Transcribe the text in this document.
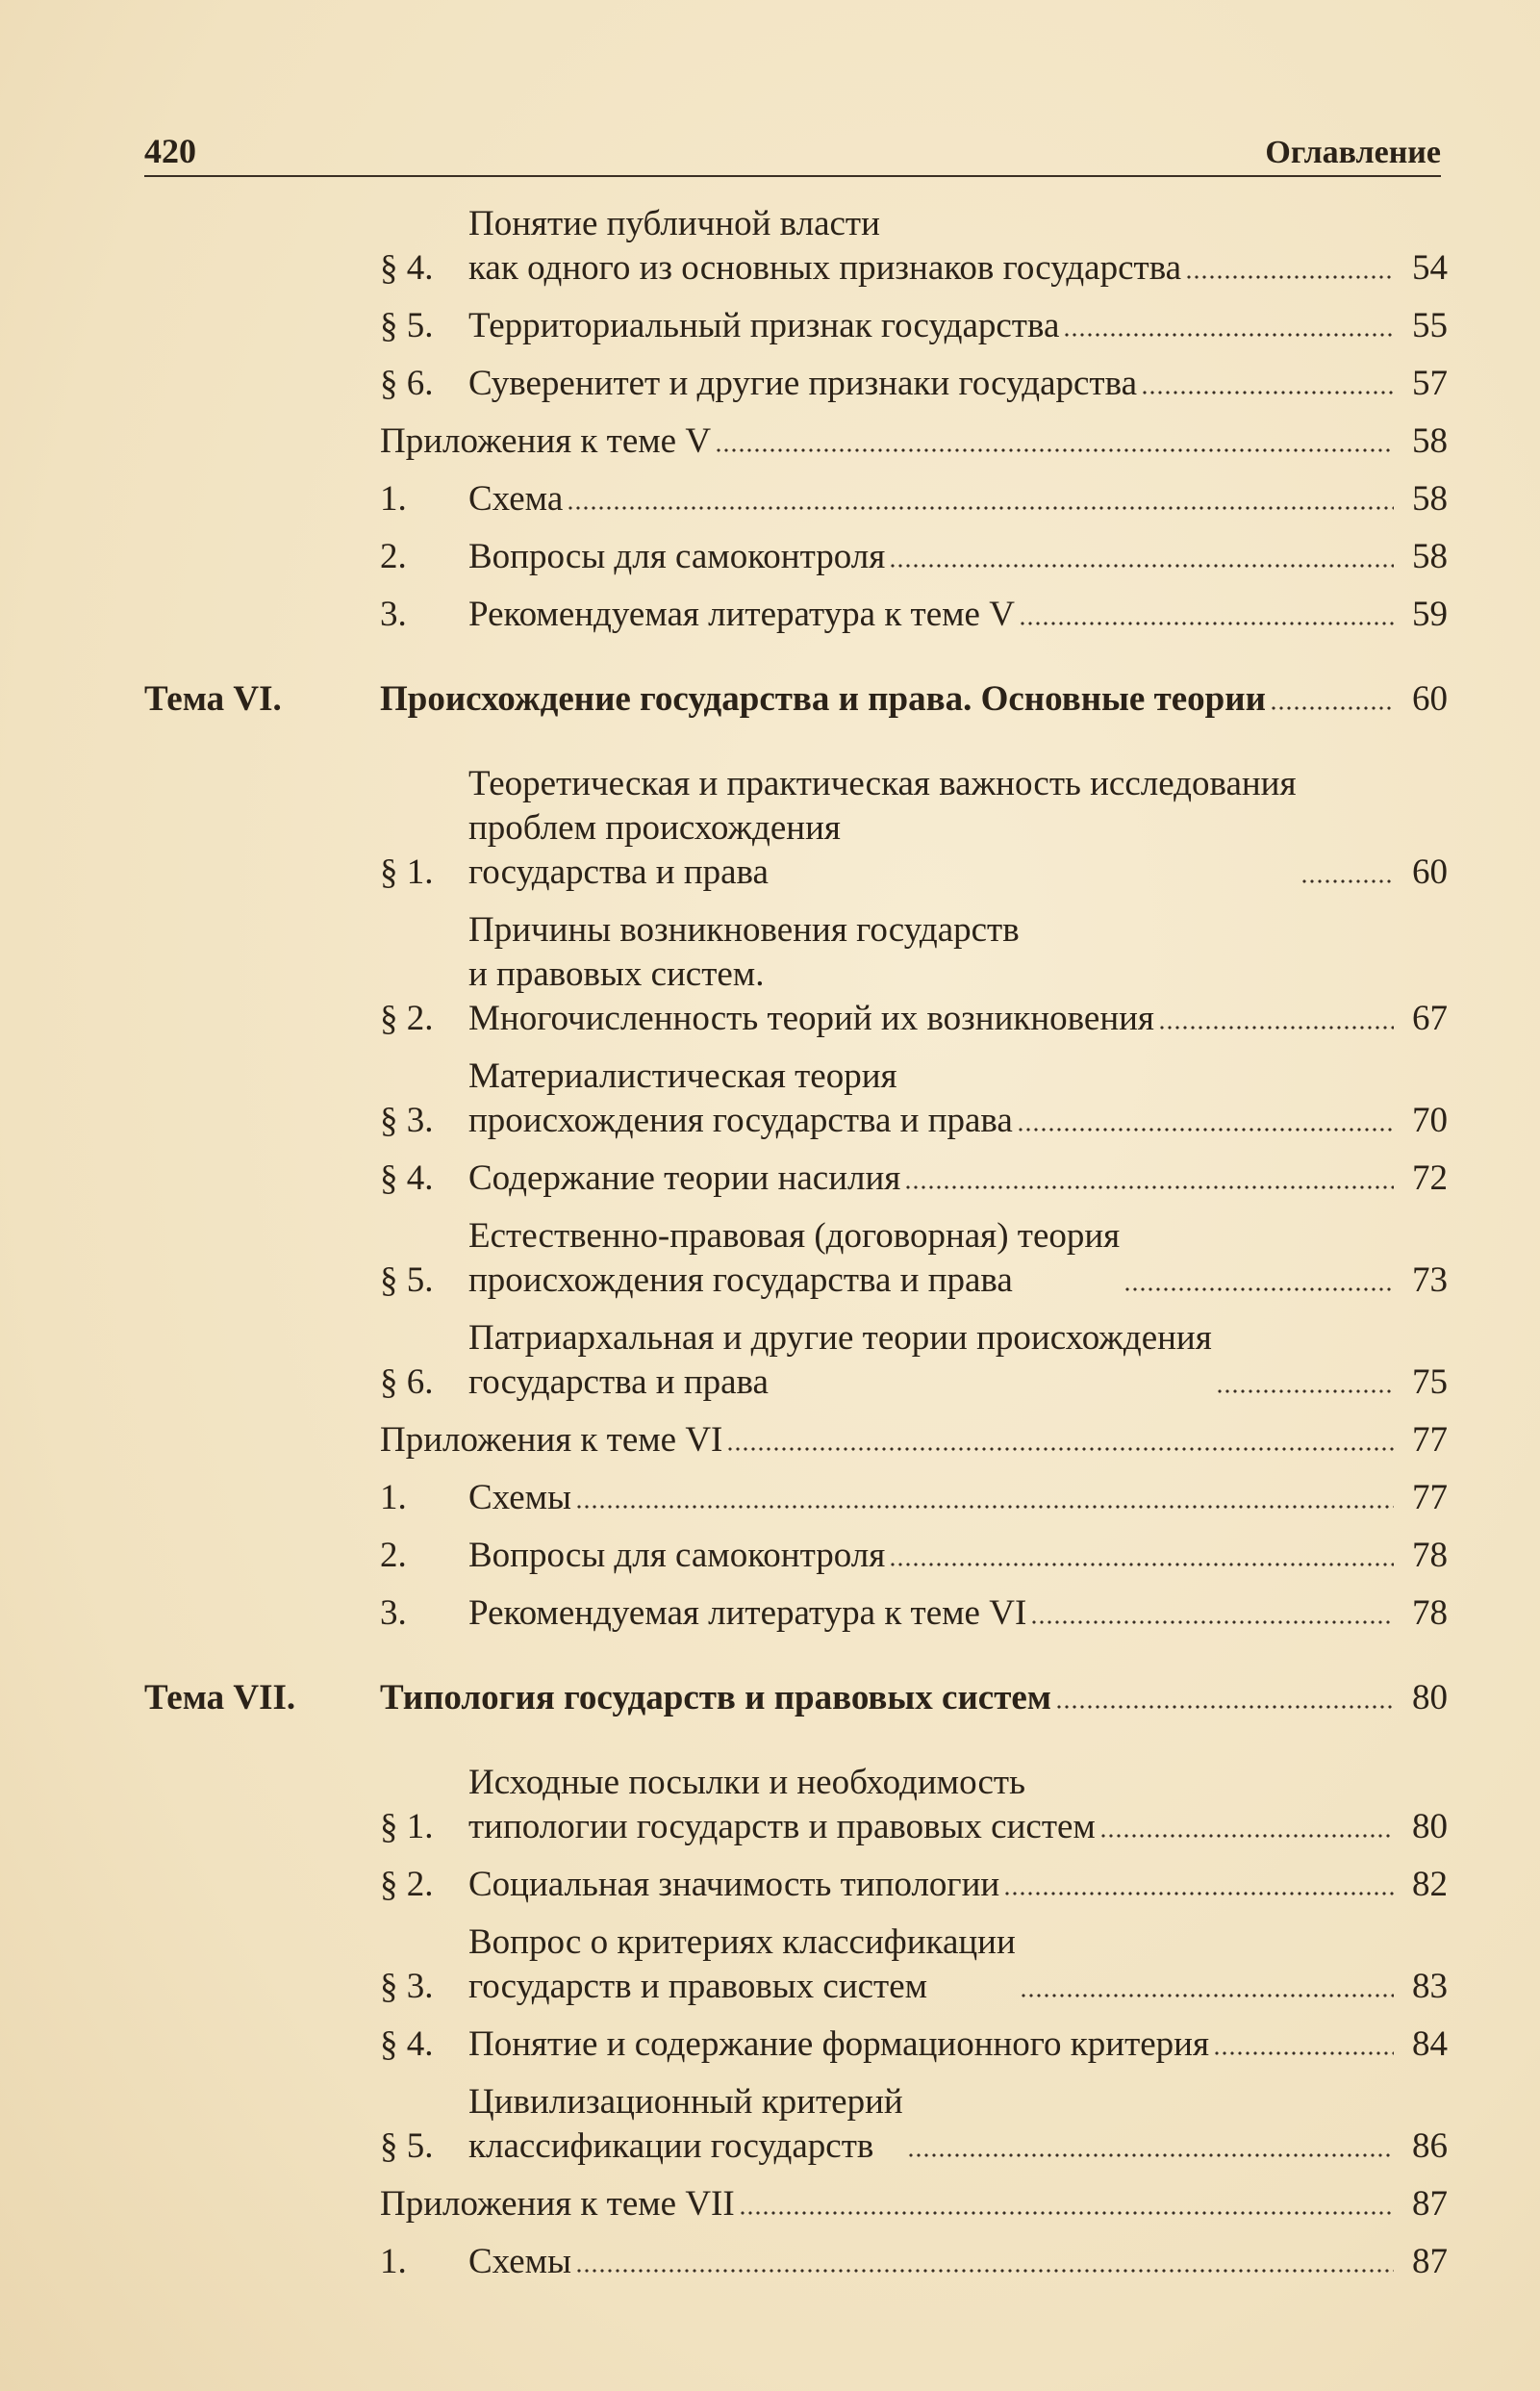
420	Оглавление
§ 4.
Понятие публичной власти
как одного из основных признаков государства	54
§ 5. Территориальный признак государства	55
§ 6. Суверенитет и другие признаки государства	57
Приложения к теме V	58
1.	Схема	58
2.	Вопросы для самоконтроля	58
3.	Рекомендуемая литература к теме V	59
Тема VI.	Происхождение государства и права. Основные теории	60
§ 1.
Теоретическая и практическая важность исследования
проблем происхождения
государства и права	60
§ 2.
Причины возникновения государств
и правовых систем.
Многочисленность теорий их возникновения	67
§ 3.
Материалистическая теория
происхождения государства и права	70
§ 4. Содержание теории насилия	72
§ 5.
Естественно-правовая (договорная) теория
происхождения государства и права	73
§ 6.
Патриархальная и другие теории происхождения
государства и права	75
Приложения к теме VI	77
1.	Схемы	77
2.	Вопросы для самоконтроля	78
3.	Рекомендуемая литература к теме VI	78
Тема VII.	Типология государств и правовых систем	80
§ 1.
Исходные посылки и необходимость
типологии государств и правовых систем	80
§ 2. Социальная значимость типологии	82
§ 3.
Вопрос о критериях классификации
государств и правовых систем	83
§ 4. Понятие и содержание формационного критерия	84
§ 5.
Цивилизационный критерий
классификации государств	86
Приложения к теме VII	87
1.	Схемы	87
